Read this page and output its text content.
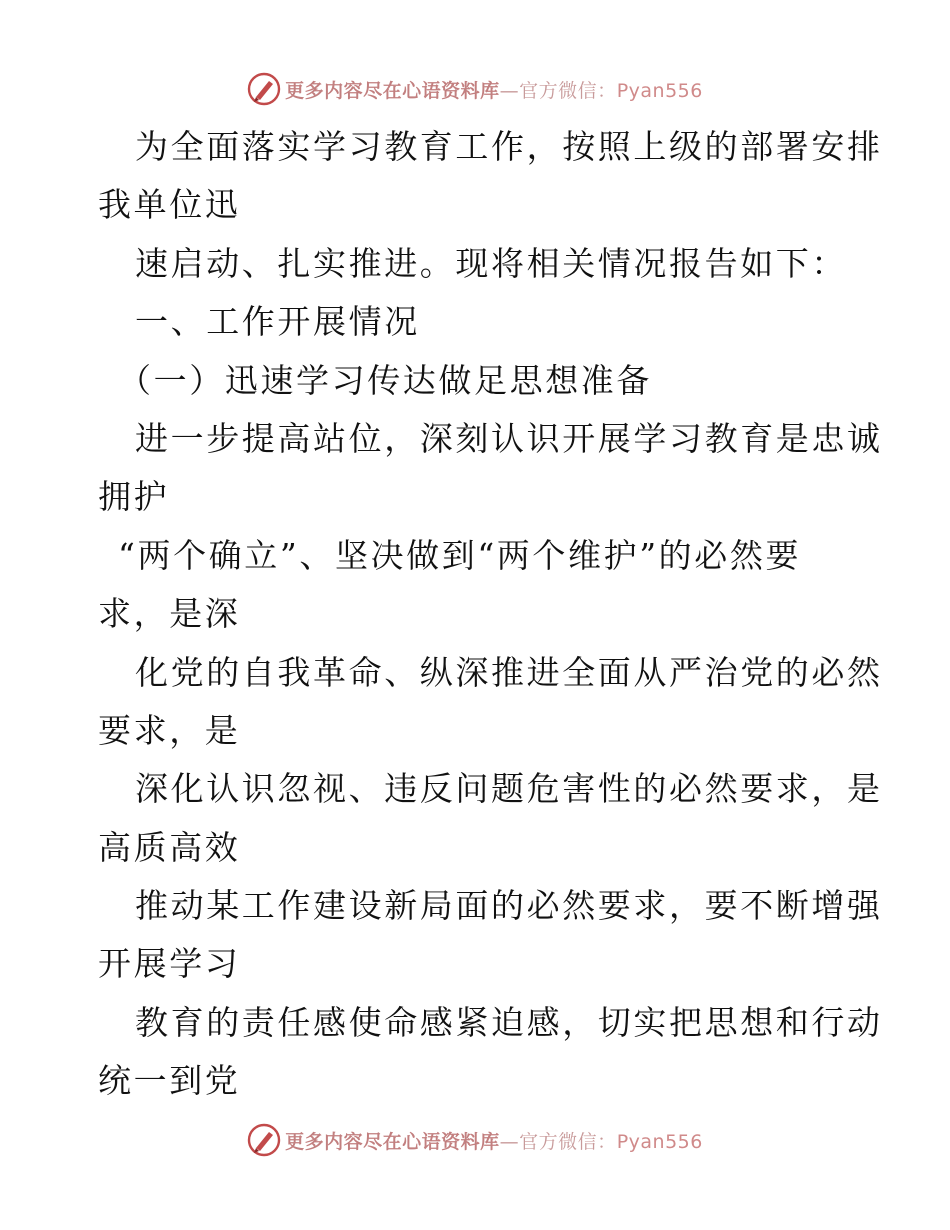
更多内容尽在心语资料库—官方微信：Pyan556
为全面落实学习教育工作，按照上级的部署安排
我单位迅
速启动、扎实推进。现将相关情况报告如下：
一、工作开展情况
（一）迅速学习传达做足思想准备
进一步提高站位，深刻认识开展学习教育是忠诚
拥护
“两个确立”、坚决做到“两个维护”的必然要
求，是深
化党的自我革命、纵深推进全面从严治党的必然
要求，是
深化认识忽视、违反问题危害性的必然要求，是
高质高效
推动某工作建设新局面的必然要求，要不断增强
开展学习
教育的责任感使命感紧迫感，切实把思想和行动
统一到党
更多内容尽在心语资料库—官方微信：Pyan556
